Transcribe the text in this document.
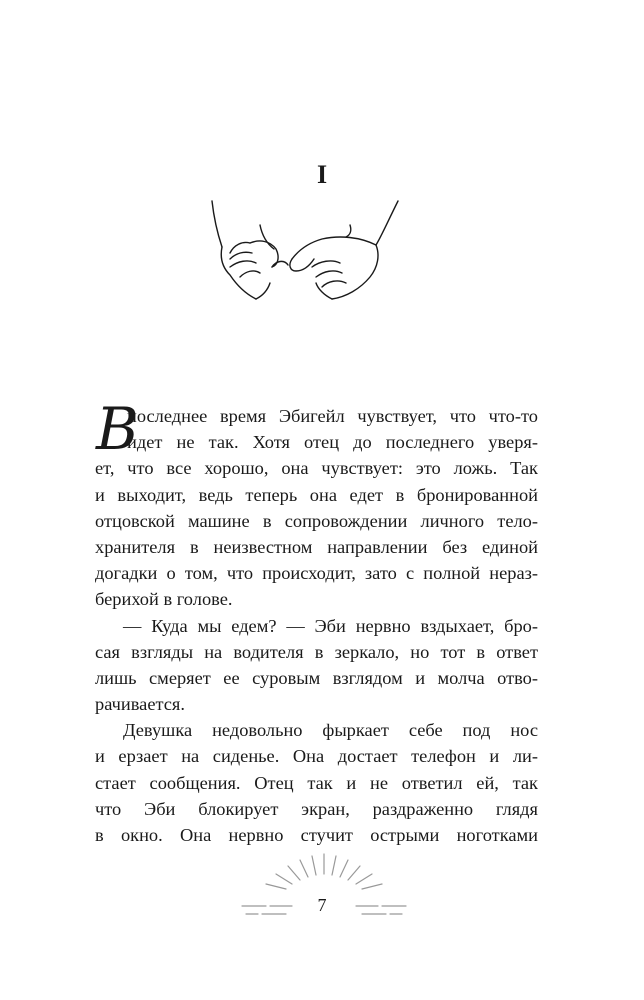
I
В
последнее время Эбигейл чувствует, что что-то
идет не так. Хотя отец до последнего уверя-
ет, что все хорошо, она чувствует: это ложь. Так
и выходит, ведь теперь она едет в бронированной
отцовской машине в сопровождении личного тело-
хранителя в неизвестном направлении без единой
догадки о том, что происходит, зато с полной нераз-
берихой в голове.
— Куда мы едем? — Эби нервно вздыхает, бро-
сая взгляды на водителя в зеркало, но тот в ответ
лишь смеряет ее суровым взглядом и молча отво-
рачивается.
Девушка недовольно фыркает себе под нос
и ерзает на сиденье. Она достает телефон и ли-
стает сообщения. Отец так и не ответил ей, так
что Эби блокирует экран, раздраженно глядя
в окно. Она нервно стучит острыми ноготками
7
